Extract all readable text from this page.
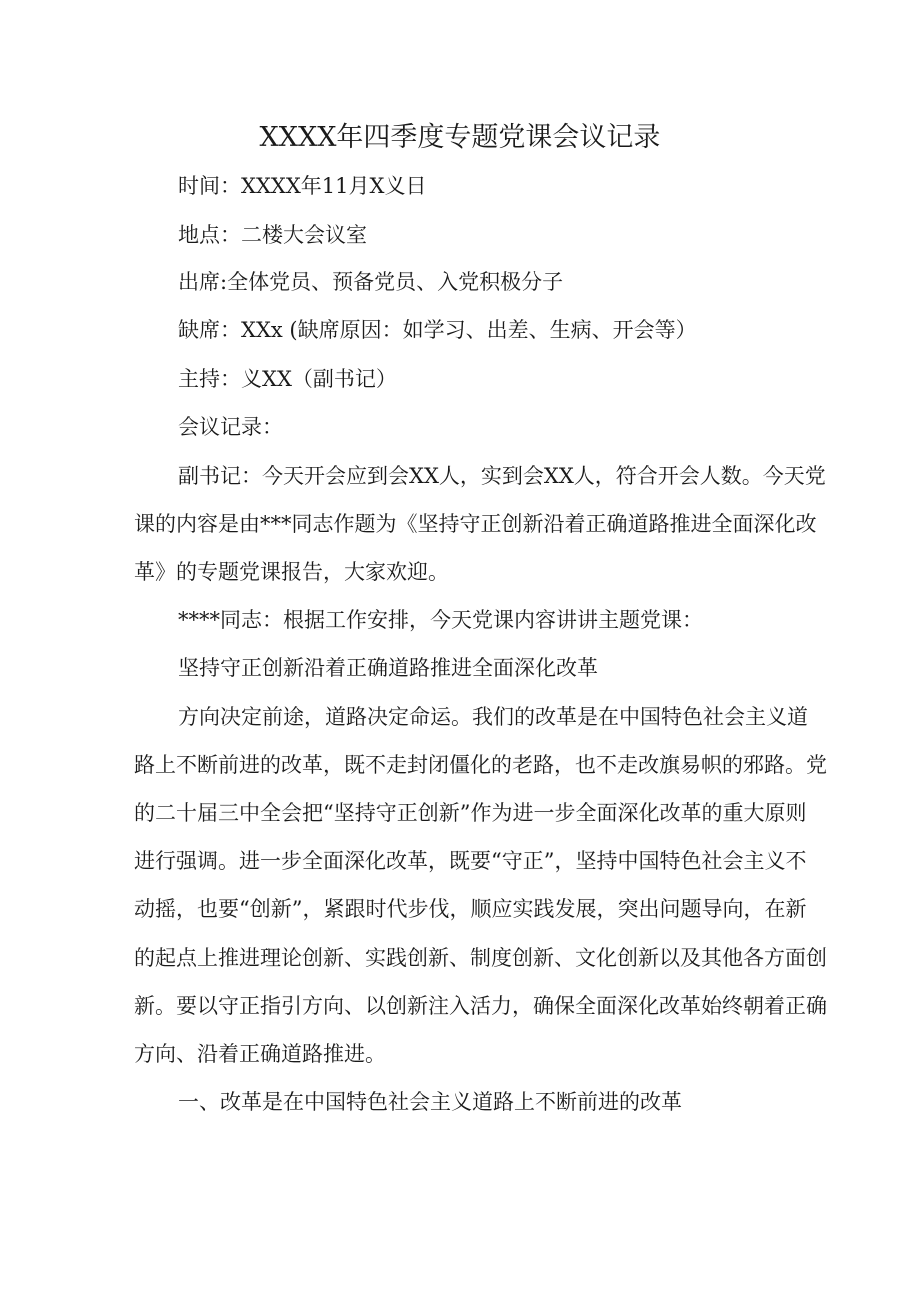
XXXX年四季度专题党课会议记录

时间：XXXX年11月X义日

地点：二楼大会议室

出席:全体党员、预备党员、入党积极分子

缺席：XXx (缺席原因：如学习、出差、生病、开会等）

主持：义XX（副书记）

会议记录：

副书记：今天开会应到会XX人，实到会XX人，符合开会人数。今天党

课的内容是由***同志作题为《坚持守正创新沿着正确道路推进全面深化改

革》的专题党课报告，大家欢迎。

****同志：根据工作安排，今天党课内容讲讲主题党课：

坚持守正创新沿着正确道路推进全面深化改革

方向决定前途，道路决定命运。我们的改革是在中国特色社会主义道

路上不断前进的改革，既不走封闭僵化的老路，也不走改旗易帜的邪路。党

的二十届三中全会把“坚持守正创新”作为进一步全面深化改革的重大原则

进行强调。进一步全面深化改革，既要“守正”，坚持中国特色社会主义不

动摇，也要“创新”，紧跟时代步伐，顺应实践发展，突出问题导向，在新

的起点上推进理论创新、实践创新、制度创新、文化创新以及其他各方面创

新。要以守正指引方向、以创新注入活力，确保全面深化改革始终朝着正确

方向、沿着正确道路推进。

一、改革是在中国特色社会主义道路上不断前进的改革
